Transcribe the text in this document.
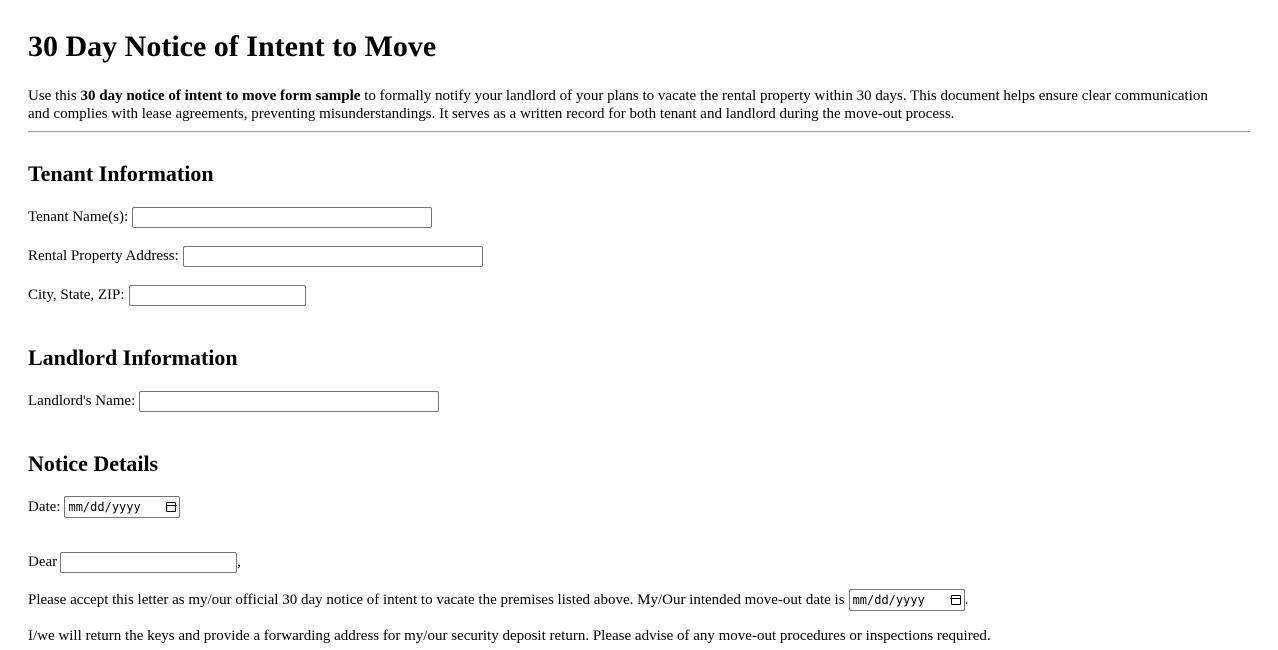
30 Day Notice of Intent to Move

Use this 30 day notice of intent to move form sample to formally notify your landlord of your plans to vacate the rental property within 30 days. This document helps ensure clear communication and complies with lease agreements, preventing misunderstandings. It serves as a written record for both tenant and landlord during the move-out process.

Tenant Information
Tenant Name(s):
Rental Property Address:
City, State, ZIP:
Landlord Information
Landlord's Name:
Notice Details
Date: mm/dd/yyyy
Dear	,
Please accept this letter as my/our official 30 day notice of intent to vacate the premises listed above. My/Our intended move-out date is mm/dd/yyyy	.
I/we will return the keys and provide a forwarding address for my/our security deposit return. Please advise of any move-out procedures or inspections required.
